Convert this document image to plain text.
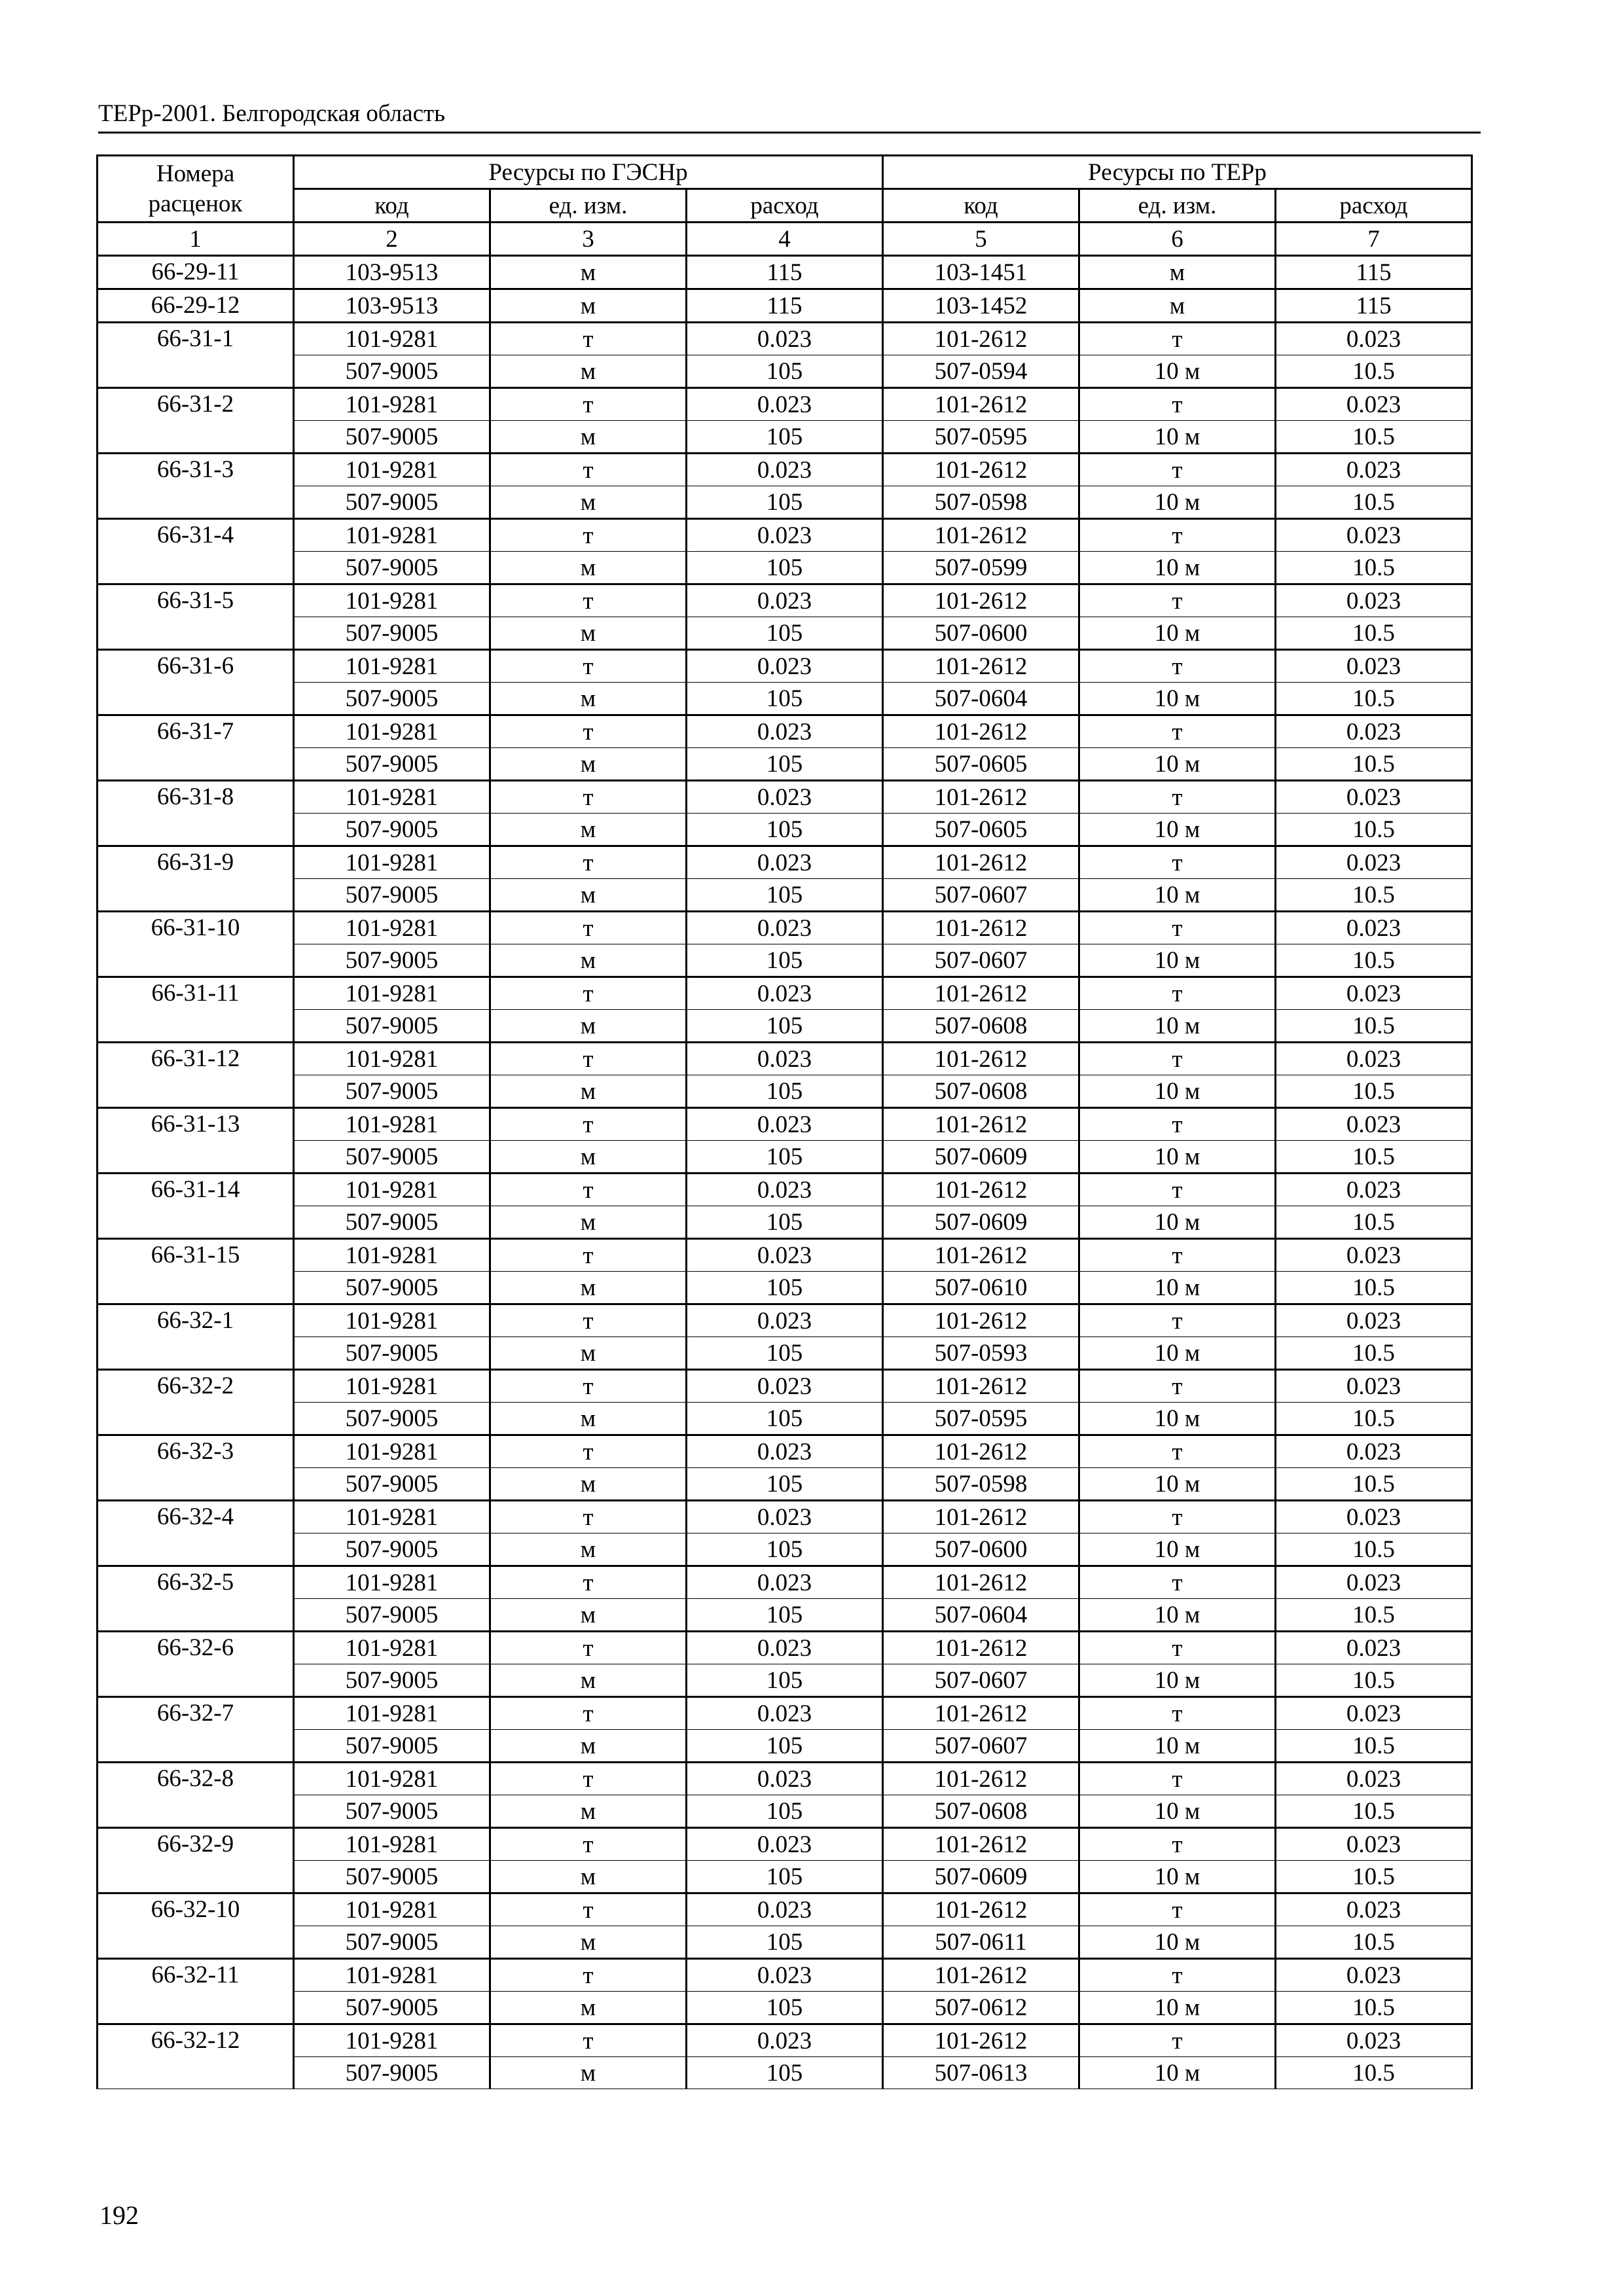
ТЕРр-2001. Белгородская область
Номера расценок	Ресурсы по ГЭСНр			Ресурсы по ТЕРр		
	код	ед. изм.	расход	код	ед. изм.	расход
1	2	3	4	5	6	7
66-29-11	103-9513	м	115	103-1451	м	115
66-29-12	103-9513	м	115	103-1452	м	115
66-31-1	101-9281	т	0.023	101-2612	т	0.023
	507-9005	м	105	507-0594	10 м	10.5
66-31-2	101-9281	т	0.023	101-2612	т	0.023
	507-9005	м	105	507-0595	10 м	10.5
66-31-3	101-9281	т	0.023	101-2612	т	0.023
	507-9005	м	105	507-0598	10 м	10.5
66-31-4	101-9281	т	0.023	101-2612	т	0.023
	507-9005	м	105	507-0599	10 м	10.5
66-31-5	101-9281	т	0.023	101-2612	т	0.023
	507-9005	м	105	507-0600	10 м	10.5
66-31-6	101-9281	т	0.023	101-2612	т	0.023
	507-9005	м	105	507-0604	10 м	10.5
66-31-7	101-9281	т	0.023	101-2612	т	0.023
	507-9005	м	105	507-0605	10 м	10.5
66-31-8	101-9281	т	0.023	101-2612	т	0.023
	507-9005	м	105	507-0605	10 м	10.5
66-31-9	101-9281	т	0.023	101-2612	т	0.023
	507-9005	м	105	507-0607	10 м	10.5
66-31-10	101-9281	т	0.023	101-2612	т	0.023
	507-9005	м	105	507-0607	10 м	10.5
66-31-11	101-9281	т	0.023	101-2612	т	0.023
	507-9005	м	105	507-0608	10 м	10.5
66-31-12	101-9281	т	0.023	101-2612	т	0.023
	507-9005	м	105	507-0608	10 м	10.5
66-31-13	101-9281	т	0.023	101-2612	т	0.023
	507-9005	м	105	507-0609	10 м	10.5
66-31-14	101-9281	т	0.023	101-2612	т	0.023
	507-9005	м	105	507-0609	10 м	10.5
66-31-15	101-9281	т	0.023	101-2612	т	0.023
	507-9005	м	105	507-0610	10 м	10.5
66-32-1	101-9281	т	0.023	101-2612	т	0.023
	507-9005	м	105	507-0593	10 м	10.5
66-32-2	101-9281	т	0.023	101-2612	т	0.023
	507-9005	м	105	507-0595	10 м	10.5
66-32-3	101-9281	т	0.023	101-2612	т	0.023
	507-9005	м	105	507-0598	10 м	10.5
66-32-4	101-9281	т	0.023	101-2612	т	0.023
	507-9005	м	105	507-0600	10 м	10.5
66-32-5	101-9281	т	0.023	101-2612	т	0.023
	507-9005	м	105	507-0604	10 м	10.5
66-32-6	101-9281	т	0.023	101-2612	т	0.023
	507-9005	м	105	507-0607	10 м	10.5
66-32-7	101-9281	т	0.023	101-2612	т	0.023
	507-9005	м	105	507-0607	10 м	10.5
66-32-8	101-9281	т	0.023	101-2612	т	0.023
	507-9005	м	105	507-0608	10 м	10.5
66-32-9	101-9281	т	0.023	101-2612	т	0.023
	507-9005	м	105	507-0609	10 м	10.5
66-32-10	101-9281	т	0.023	101-2612	т	0.023
	507-9005	м	105	507-0611	10 м	10.5
66-32-11	101-9281	т	0.023	101-2612	т	0.023
	507-9005	м	105	507-0612	10 м	10.5
66-32-12	101-9281	т	0.023	101-2612	т	0.023
	507-9005	м	105	507-0613	10 м	10.5
192
